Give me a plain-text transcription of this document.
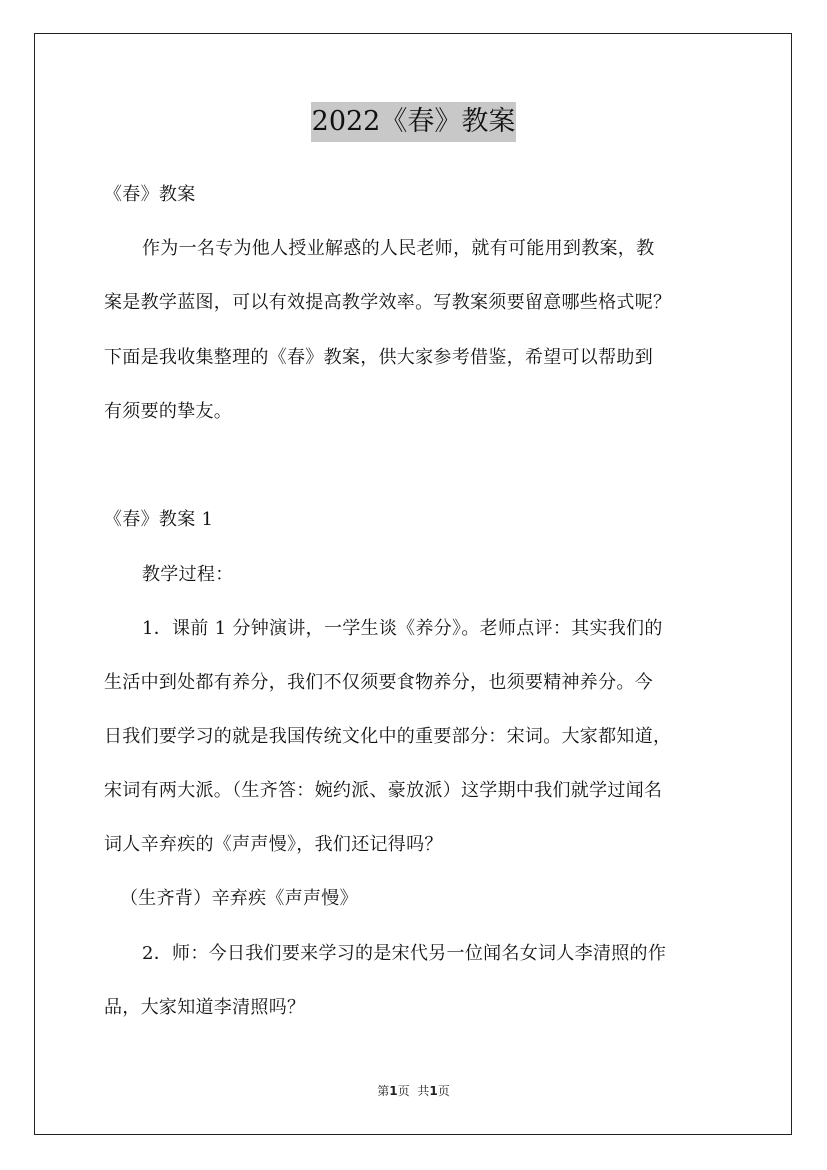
2022《春》教案
《春》教案
作为一名专为他人授业解惑的人民老师，就有可能用到教案，教
案是教学蓝图，可以有效提高教学效率。写教案须要留意哪些格式呢？
下面是我收集整理的《春》教案，供大家参考借鉴，希望可以帮助到
有须要的挚友。
《春》教案 1
教学过程：
1．课前 1 分钟演讲，一学生谈《养分》。老师点评：其实我们的
生活中到处都有养分，我们不仅须要食物养分，也须要精神养分。今
日我们要学习的就是我国传统文化中的重要部分：宋词。大家都知道，
宋词有两大派。（生齐答：婉约派、豪放派）这学期中我们就学过闻名
词人辛弃疾的《声声慢》，我们还记得吗？
（生齐背）辛弃疾《声声慢》
2．师：今日我们要来学习的是宋代另一位闻名女词人李清照的作
品，大家知道李清照吗？
第1页 共1页
